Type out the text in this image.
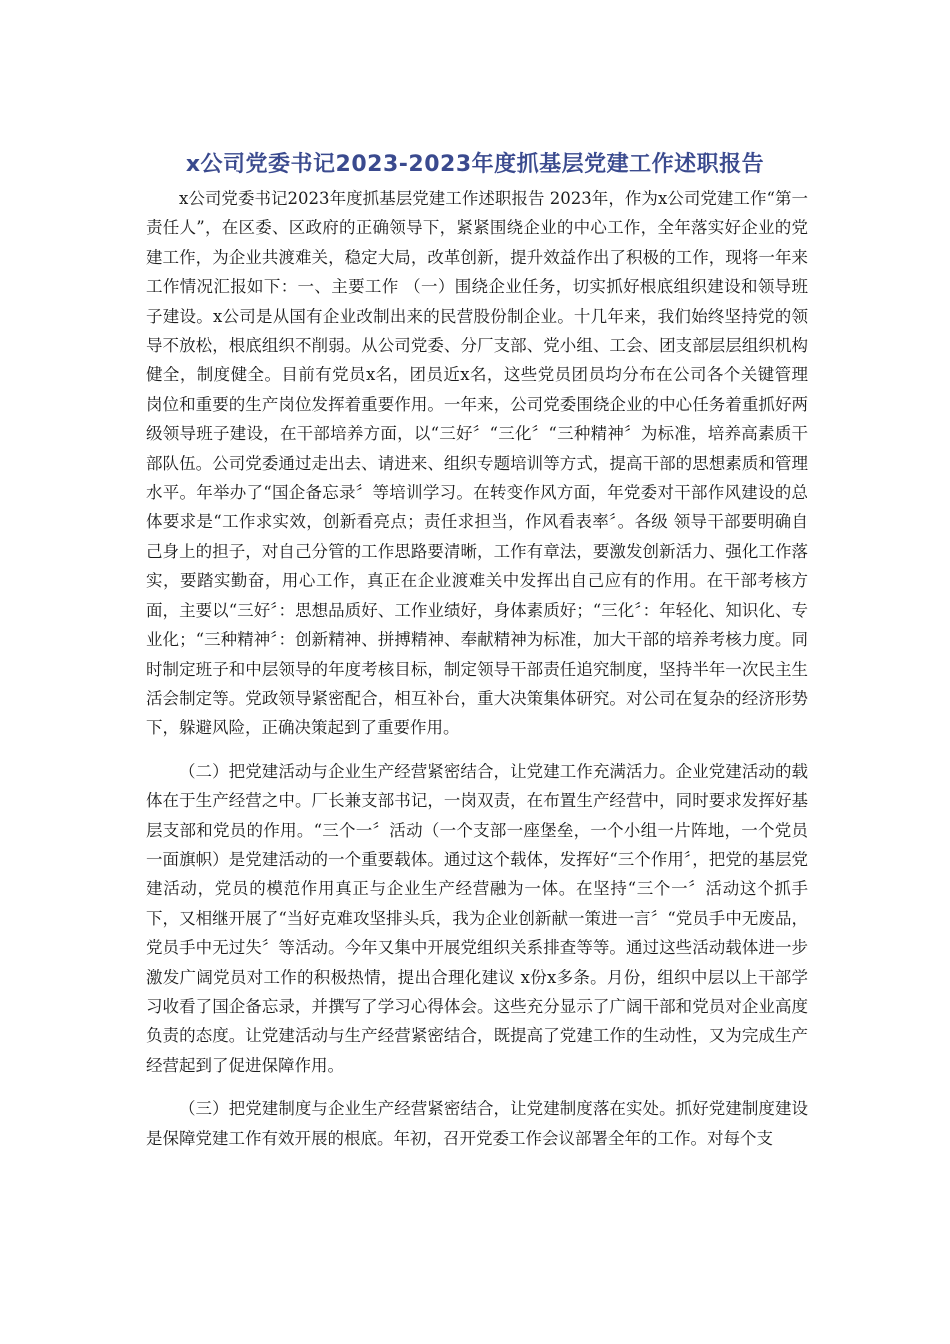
x公司党委书记2023-2023年度抓基层党建工作述职报告

x公司党委书记2023年度抓基层党建工作述职报告 2023年，作为x公司党建工作“第一责任人”，在区委、区政府的正确领导下，紧紧围绕企业的中心工作，全年落实好企业的党建工作，为企业共渡难关，稳定大局，改革创新，提升效益作出了积极的工作，现将一年来工作情况汇报如下：一、主要工作 （一）围绕企业任务，切实抓好根底组织建设和领导班子建设。x公司是从国有企业改制出来的民营股份制企业。十几年来，我们始终坚持党的领导不放松，根底组织不削弱。从公司党委、分厂支部、党小组、工会、团支部层层组织机构健全，制度健全。目前有党员x名，团员近x名，这些党员团员均分布在公司各个关键管理岗位和重要的生产岗位发挥着重要作用。一年来，公司党委围绕企业的中心任务着重抓好两级领导班子建设，在干部培养方面，以“三好〞“三化〞“三种精神〞为标准，培养高素质干部队伍。公司党委通过走出去、请进来、组织专题培训等方式，提高干部的思想素质和管理水平。年举办了“国企备忘录〞等培训学习。在转变作风方面，年党委对干部作风建设的总体要求是“工作求实效，创新看亮点；责任求担当，作风看表率〞。各级 领导干部要明确自己身上的担子，对自己分管的工作思路要清晰，工作有章法，要激发创新活力、强化工作落实，要踏实勤奋，用心工作，真正在企业渡难关中发挥出自己应有的作用。在干部考核方面，主要以“三好〞：思想品质好、工作业绩好，身体素质好；“三化〞：年轻化、知识化、专业化；“三种精神〞：创新精神、拼搏精神、奉献精神为标准，加大干部的培养考核力度。同时制定班子和中层领导的年度考核目标，制定领导干部责任追究制度，坚持半年一次民主生活会制定等。党政领导紧密配合，相互补台，重大决策集体研究。对公司在复杂的经济形势下，躲避风险，正确决策起到了重要作用。

（二）把党建活动与企业生产经营紧密结合，让党建工作充满活力。企业党建活动的载体在于生产经营之中。厂长兼支部书记，一岗双责，在布置生产经营中，同时要求发挥好基层支部和党员的作用。“三个一〞活动（一个支部一座堡垒，一个小组一片阵地，一个党员一面旗帜）是党建活动的一个重要载体。通过这个载体，发挥好“三个作用〞，把党的基层党建活动，党员的模范作用真正与企业生产经营融为一体。在坚持“三个一〞活动这个抓手下，又相继开展了“当好克难攻坚排头兵，我为企业创新献一策进一言〞“党员手中无废品，党员手中无过失〞等活动。今年又集中开展党组织关系排查等等。通过这些活动载体进一步激发广阔党员对工作的积极热情，提出合理化建议 x份x多条。月份，组织中层以上干部学习收看了国企备忘录，并撰写了学习心得体会。这些充分显示了广阔干部和党员对企业高度负责的态度。让党建活动与生产经营紧密结合，既提高了党建工作的生动性，又为完成生产经营起到了促进保障作用。

（三）把党建制度与企业生产经营紧密结合，让党建制度落在实处。抓好党建制度建设是保障党建工作有效开展的根底。年初，召开党委工作会议部署全年的工作。对每个支
